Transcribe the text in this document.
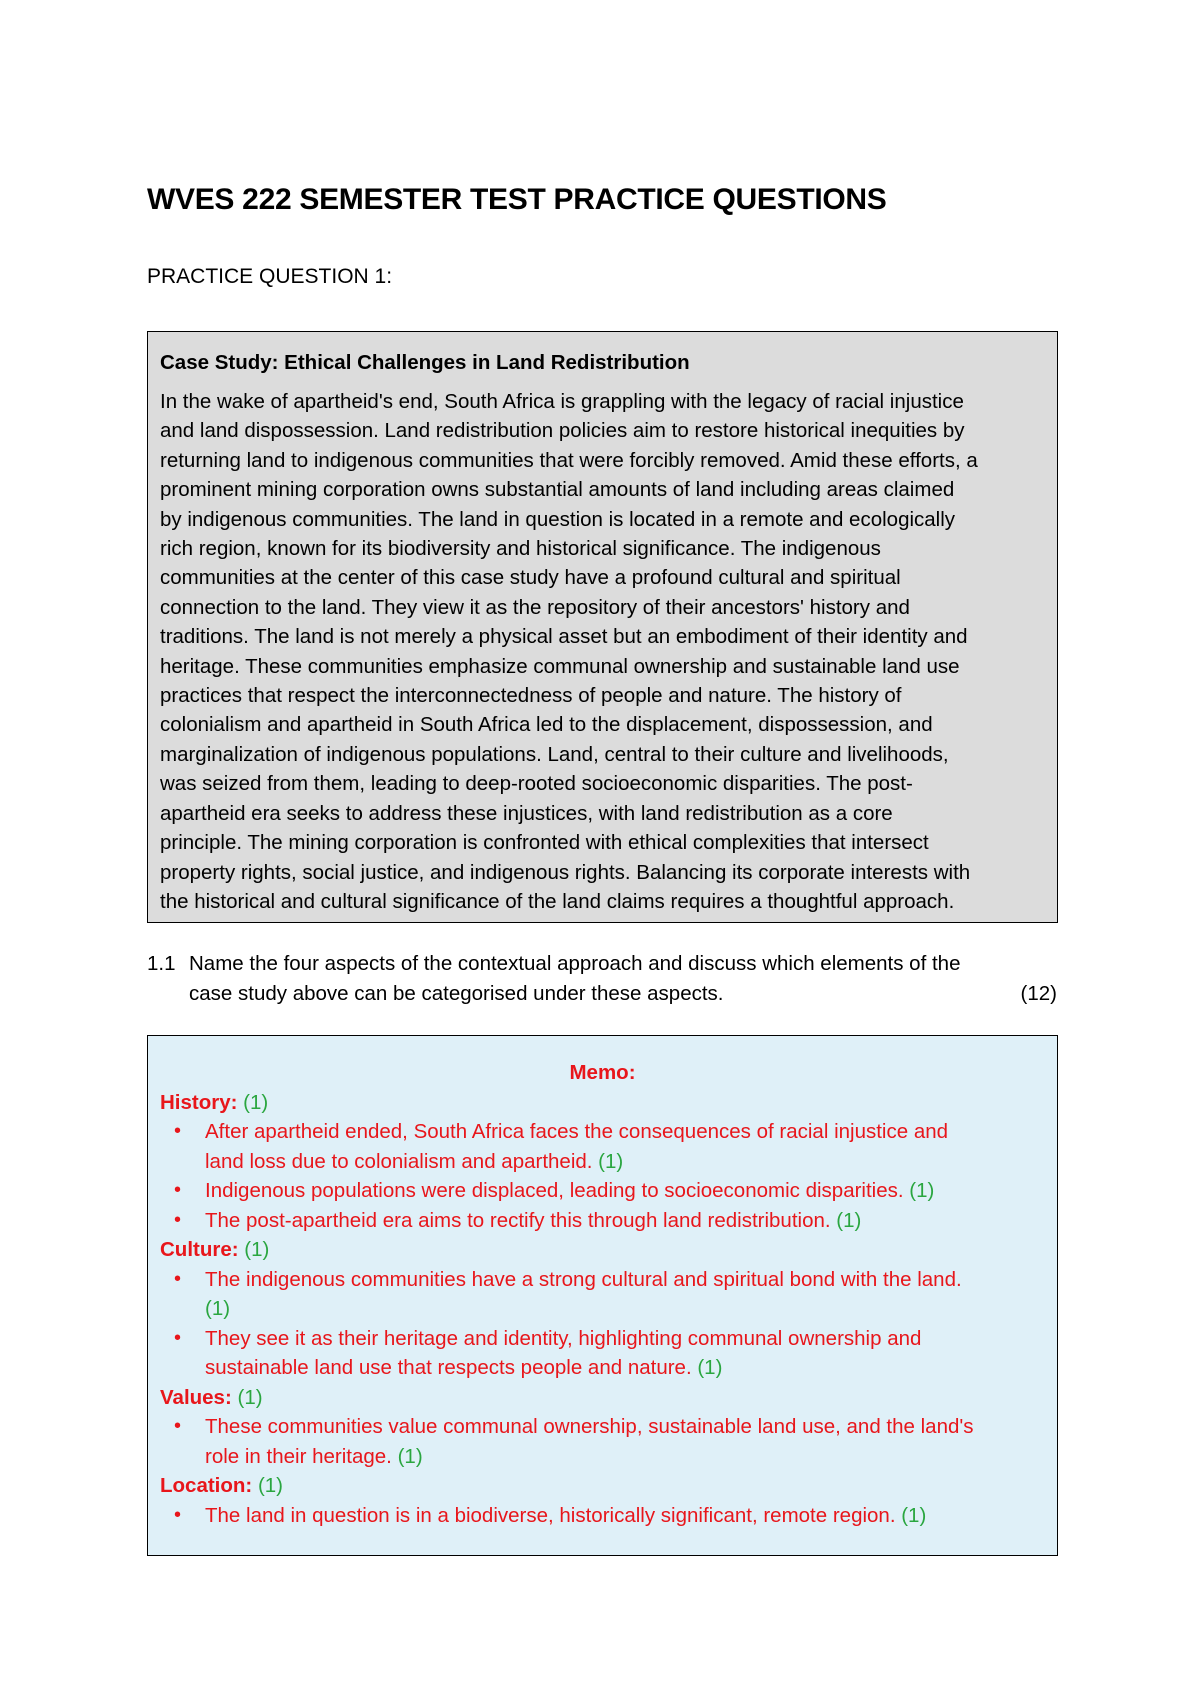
WVES 222 SEMESTER TEST PRACTICE QUESTIONS
PRACTICE QUESTION 1:
Case Study: Ethical Challenges in Land Redistribution
In the wake of apartheid's end, South Africa is grappling with the legacy of racial injustice
and land dispossession. Land redistribution policies aim to restore historical inequities by
returning land to indigenous communities that were forcibly removed. Amid these efforts, a
prominent mining corporation owns substantial amounts of land including areas claimed
by indigenous communities. The land in question is located in a remote and ecologically
rich region, known for its biodiversity and historical significance. The indigenous
communities at the center of this case study have a profound cultural and spiritual
connection to the land. They view it as the repository of their ancestors' history and
traditions. The land is not merely a physical asset but an embodiment of their identity and
heritage. These communities emphasize communal ownership and sustainable land use
practices that respect the interconnectedness of people and nature. The history of
colonialism and apartheid in South Africa led to the displacement, dispossession, and
marginalization of indigenous populations. Land, central to their culture and livelihoods,
was seized from them, leading to deep-rooted socioeconomic disparities. The post-
apartheid era seeks to address these injustices, with land redistribution as a core
principle. The mining corporation is confronted with ethical complexities that intersect
property rights, social justice, and indigenous rights. Balancing its corporate interests with
the historical and cultural significance of the land claims requires a thoughtful approach.
1.1 Name the four aspects of the contextual approach and discuss which elements of the
case study above can be categorised under these aspects.	(12)
Memo:
History: (1)
• After apartheid ended, South Africa faces the consequences of racial injustice and
land loss due to colonialism and apartheid. (1)
• Indigenous populations were displaced, leading to socioeconomic disparities. (1)
• The post-apartheid era aims to rectify this through land redistribution. (1)
Culture: (1)
• The indigenous communities have a strong cultural and spiritual bond with the land.
(1)
• They see it as their heritage and identity, highlighting communal ownership and
sustainable land use that respects people and nature. (1)
Values: (1)
• These communities value communal ownership, sustainable land use, and the land's
role in their heritage. (1)
Location: (1)
• The land in question is in a biodiverse, historically significant, remote region. (1)
